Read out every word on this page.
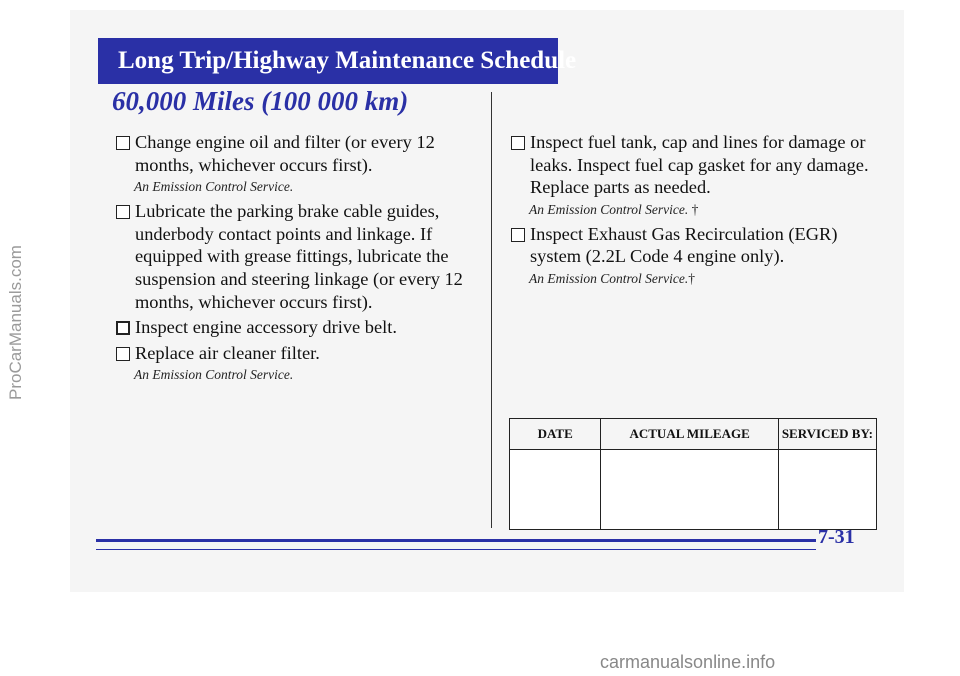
ProCarManuals.com
carmanualsonline.info
Long Trip/Highway Maintenance Schedule
60,000 Miles (100 000 km)
Change engine oil and filter (or every 12 months, whichever occurs first).
An Emission Control Service.
Lubricate the parking brake cable guides, underbody contact points and linkage. If equipped with grease fittings, lubricate the suspension and steering linkage (or every 12 months, whichever occurs first).
Inspect engine accessory drive belt.
Replace air cleaner filter.
An Emission Control Service.
Inspect fuel tank, cap and lines for damage or leaks. Inspect fuel cap gasket for any damage. Replace parts as needed.
An Emission Control Service. †
Inspect Exhaust Gas Recirculation (EGR) system (2.2L Code 4 engine only).
An Emission Control Service.†
DATE	ACTUAL MILEAGE	SERVICED BY:

7-31
